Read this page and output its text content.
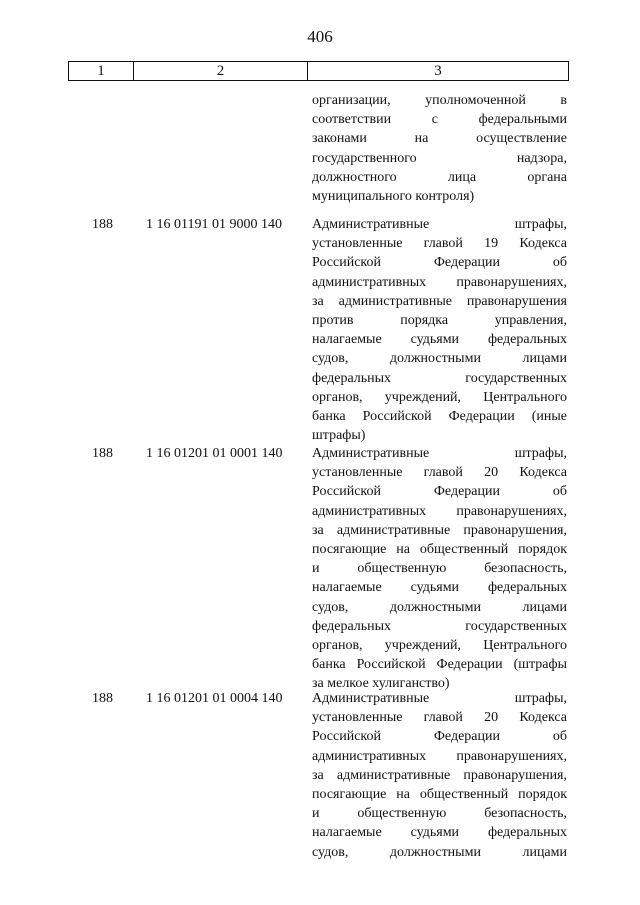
406
1	2	3
организации, уполномоченной в
соответствии с федеральными
законами на осуществление
государственного надзора,
должностного лица органа
муниципального контроля)
188 1 16 01191 01 9000 140 Административные штрафы,
установленные главой 19 Кодекса
Российской Федерации об
административных правонарушениях,
за административные правонарушения
против порядка управления,
налагаемые судьями федеральных
судов, должностными лицами
федеральных государственных
органов, учреждений, Центрального
банка Российской Федерации (иные
штрафы)
188 1 16 01201 01 0001 140 Административные штрафы,
установленные главой 20 Кодекса
Российской Федерации об
административных правонарушениях,
за административные правонарушения,
посягающие на общественный порядок
и общественную безопасность,
налагаемые судьями федеральных
судов, должностными лицами
федеральных государственных
органов, учреждений, Центрального
банка Российской Федерации (штрафы
за мелкое хулиганство)
188 1 16 01201 01 0004 140 Административные штрафы,
установленные главой 20 Кодекса
Российской Федерации об
административных правонарушениях,
за административные правонарушения,
посягающие на общественный порядок
и общественную безопасность,
налагаемые судьями федеральных
судов, должностными лицами
